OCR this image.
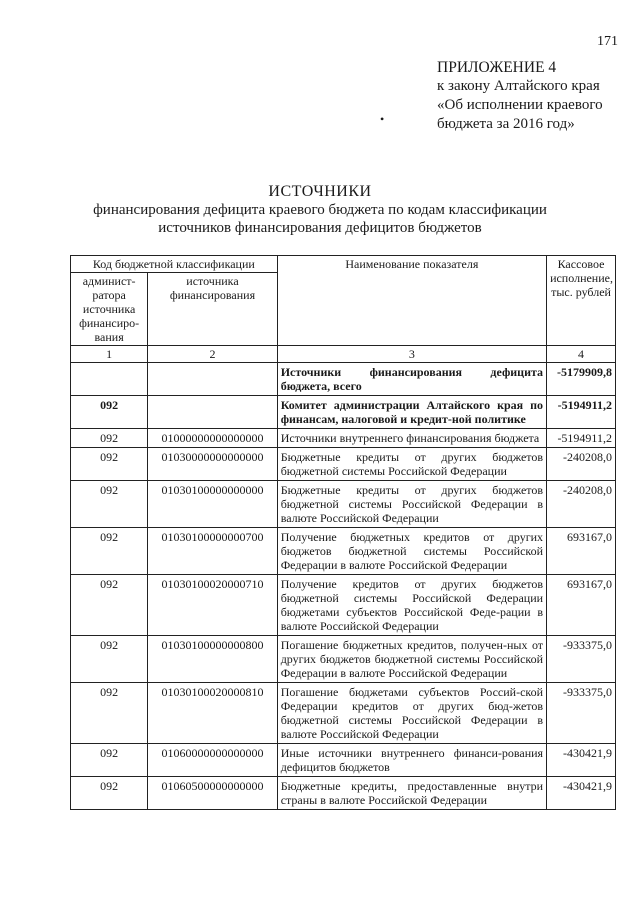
171
ПРИЛОЖЕНИЕ 4
к закону Алтайского края
«Об исполнении краевого
бюджета за 2016 год»
•
ИСТОЧНИКИ
финансирования дефицита краевого бюджета по кодам классификации
источников финансирования дефицитов бюджетов
Код бюджетной классификации		Наименование показателя	Кассовое исполнение, тыс. рублей
админист-ратора источника финансиро-вания	источника финансирования		
1	2	3	4
		Источники финансирования дефицита бюджета, всего	-5179909,8
092		Комитет администрации Алтайского края по финансам, налоговой и кредит-ной политике	-5194911,2
092	01000000000000000	Источники внутреннего финансирования бюджета	-5194911,2
092	01030000000000000	Бюджетные кредиты от других бюджетов бюджетной системы Российской Федерации	-240208,0
092	01030100000000000	Бюджетные кредиты от других бюджетов бюджетной системы Российской Федерации в валюте Российской Федерации	-240208,0
092	01030100000000700	Получение бюджетных кредитов от других бюджетов бюджетной системы Российской Федерации в валюте Российской Федерации	693167,0
092	01030100020000710	Получение кредитов от других бюджетов бюджетной системы Российской Федерации бюджетами субъектов Российской Феде-рации в валюте Российской Федерации	693167,0
092	01030100000000800	Погашение бюджетных кредитов, получен-ных от других бюджетов бюджетной системы Российской Федерации в валюте Российской Федерации	-933375,0
092	01030100020000810	Погашение бюджетами субъектов Россий-ской Федерации кредитов от других бюд-жетов бюджетной системы Российской Федерации в валюте Российской Федерации	-933375,0
092	01060000000000000	Иные источники внутреннего финанси-рования дефицитов бюджетов	-430421,9
092	01060500000000000	Бюджетные кредиты, предоставленные внутри страны в валюте Российской Федерации	-430421,9
